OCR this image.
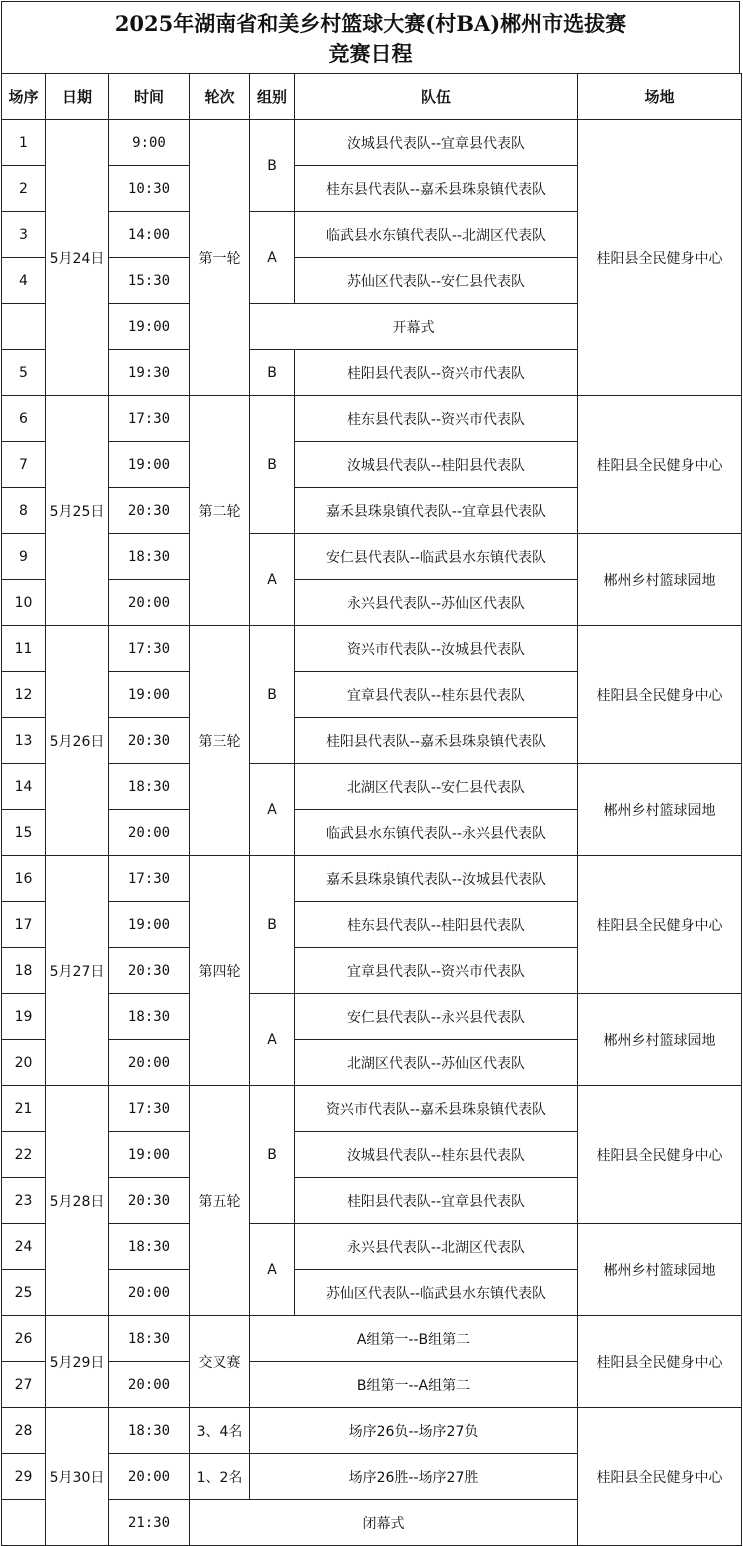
2025年湖南省和美乡村篮球大赛(村BA)郴州市选拔赛
竞赛日程
场序	日期	时间	轮次	组别	队伍	场地
1	5月24日	9:00	第一轮	B	汝城县代表队--宜章县代表队	桂阳县全民健身中心
2		10:30			桂东县代表队--嘉禾县珠泉镇代表队	
3		14:00		A	临武县水东镇代表队--北湖区代表队	
4		15:30			苏仙区代表队--安仁县代表队	
		19:00		开幕式		
5		19:30		B	桂阳县代表队--资兴市代表队	
6	5月25日	17:30	第二轮	B	桂东县代表队--资兴市代表队	桂阳县全民健身中心
7		19:00			汝城县代表队--桂阳县代表队	
8		20:30			嘉禾县珠泉镇代表队--宜章县代表队	
9		18:30		A	安仁县代表队--临武县水东镇代表队	郴州乡村篮球园地
10		20:00			永兴县代表队--苏仙区代表队	
11	5月26日	17:30	第三轮	B	资兴市代表队--汝城县代表队	桂阳县全民健身中心
12		19:00			宜章县代表队--桂东县代表队	
13		20:30			桂阳县代表队--嘉禾县珠泉镇代表队	
14		18:30		A	北湖区代表队--安仁县代表队	郴州乡村篮球园地
15		20:00			临武县水东镇代表队--永兴县代表队	
16	5月27日	17:30	第四轮	B	嘉禾县珠泉镇代表队--汝城县代表队	桂阳县全民健身中心
17		19:00			桂东县代表队--桂阳县代表队	
18		20:30			宜章县代表队--资兴市代表队	
19		18:30		A	安仁县代表队--永兴县代表队	郴州乡村篮球园地
20		20:00			北湖区代表队--苏仙区代表队	
21	5月28日	17:30	第五轮	B	资兴市代表队--嘉禾县珠泉镇代表队	桂阳县全民健身中心
22		19:00			汝城县代表队--桂东县代表队	
23		20:30			桂阳县代表队--宜章县代表队	
24		18:30		A	永兴县代表队--北湖区代表队	郴州乡村篮球园地
25		20:00			苏仙区代表队--临武县水东镇代表队	
26	5月29日	18:30	交叉赛	A组第一--B组第二		桂阳县全民健身中心
27		20:00		B组第一--A组第二		
28	5月30日	18:30	3、4名	场序26负--场序27负		桂阳县全民健身中心
29		20:00	1、2名	场序26胜--场序27胜		
		21:30	闭幕式			
